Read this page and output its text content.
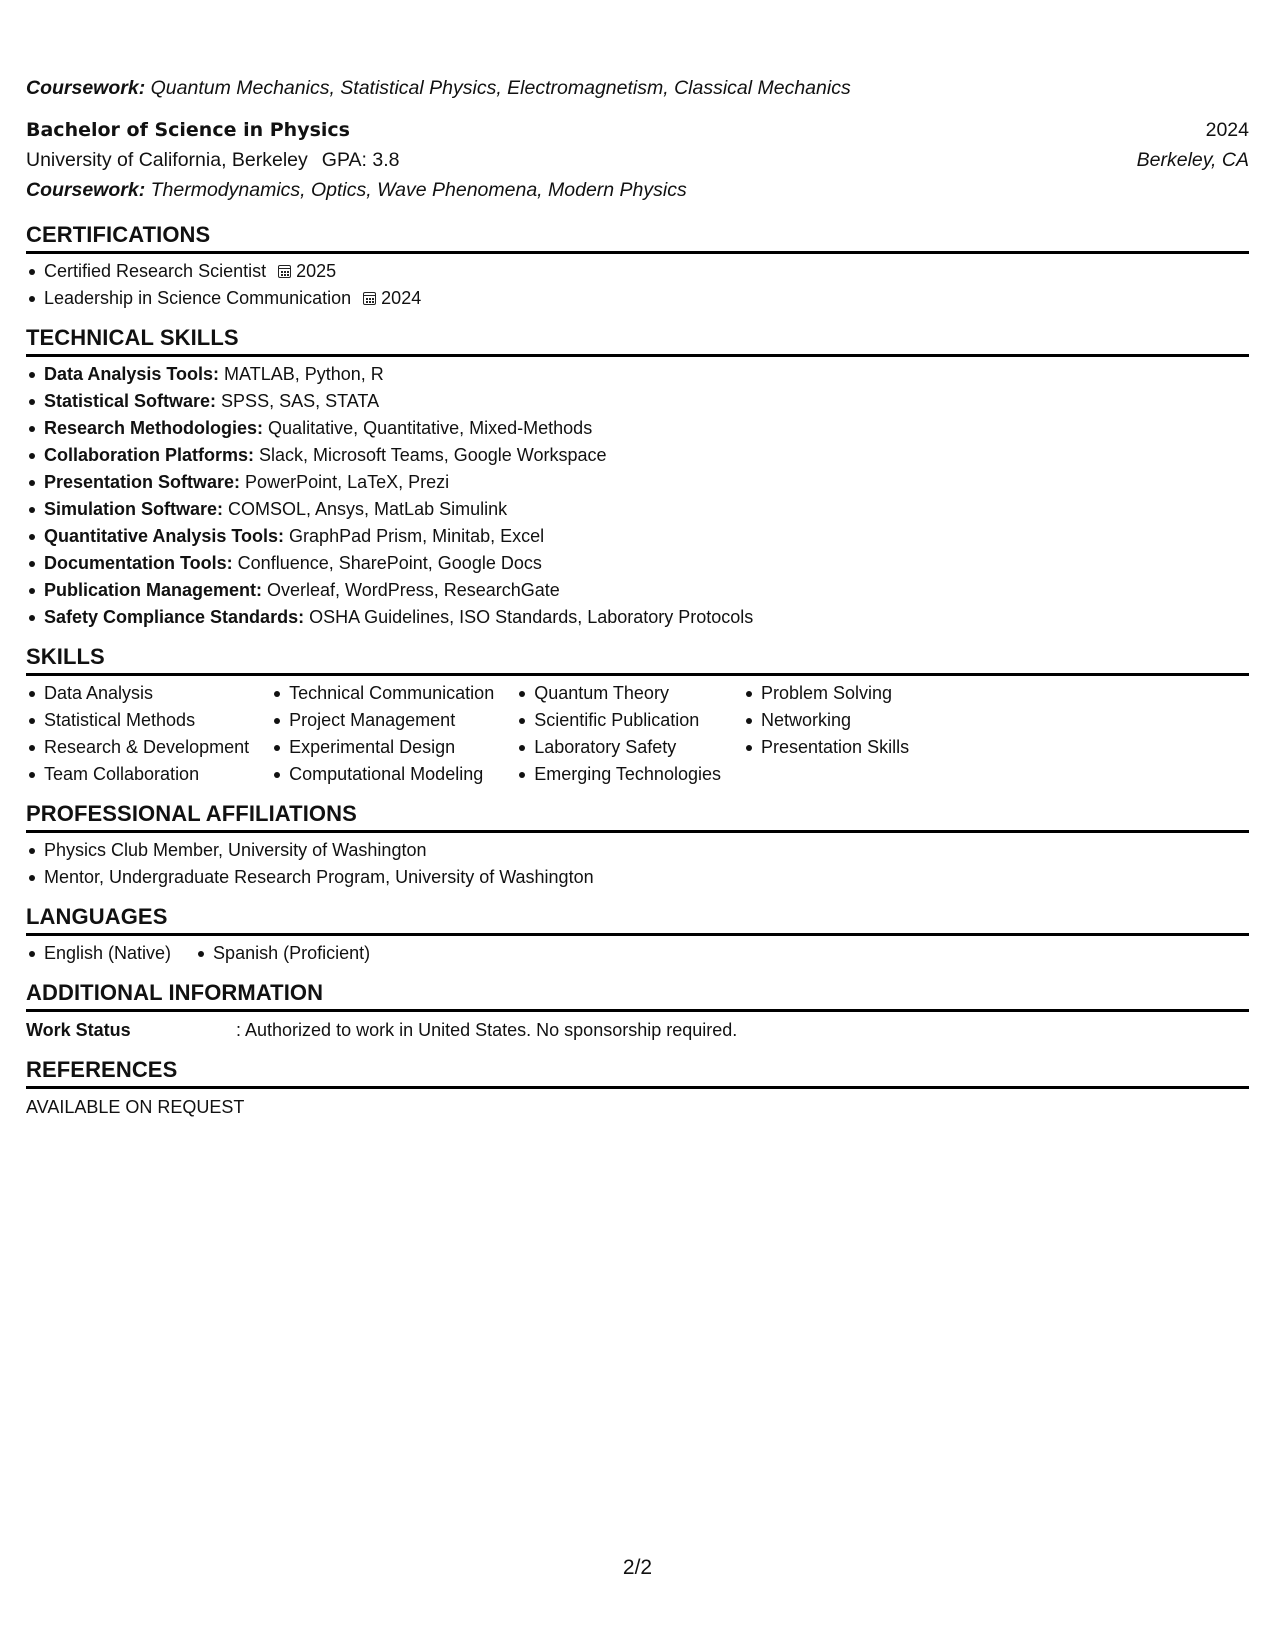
Coursework: Quantum Mechanics, Statistical Physics, Electromagnetism, Classical Mechanics
Bachelor of Science in Physics	2024
University of California, Berkeley GPA: 3.8	Berkeley, CA
Coursework: Thermodynamics, Optics, Wave Phenomena, Modern Physics
CERTIFICATIONS
Certified Research Scientist 2025
Leadership in Science Communication 2024
TECHNICAL SKILLS
Data Analysis Tools: MATLAB, Python, R
Statistical Software: SPSS, SAS, STATA
Research Methodologies: Qualitative, Quantitative, Mixed-Methods
Collaboration Platforms: Slack, Microsoft Teams, Google Workspace
Presentation Software: PowerPoint, LaTeX, Prezi
Simulation Software: COMSOL, Ansys, MatLab Simulink
Quantitative Analysis Tools: GraphPad Prism, Minitab, Excel
Documentation Tools: Confluence, SharePoint, Google Docs
Publication Management: Overleaf, WordPress, ResearchGate
Safety Compliance Standards: OSHA Guidelines, ISO Standards, Laboratory Protocols
SKILLS
Data Analysis
Statistical Methods
Research & Development
Team Collaboration
Technical Communication
Project Management
Experimental Design
Computational Modeling
Quantum Theory
Scientific Publication
Laboratory Safety
Emerging Technologies
Problem Solving
Networking
Presentation Skills
PROFESSIONAL AFFILIATIONS
Physics Club Member, University of Washington
Mentor, Undergraduate Research Program, University of Washington
LANGUAGES
English (Native)	Spanish (Proficient)
ADDITIONAL INFORMATION
Work Status	: Authorized to work in United States. No sponsorship required.
REFERENCES
AVAILABLE ON REQUEST
2/2
